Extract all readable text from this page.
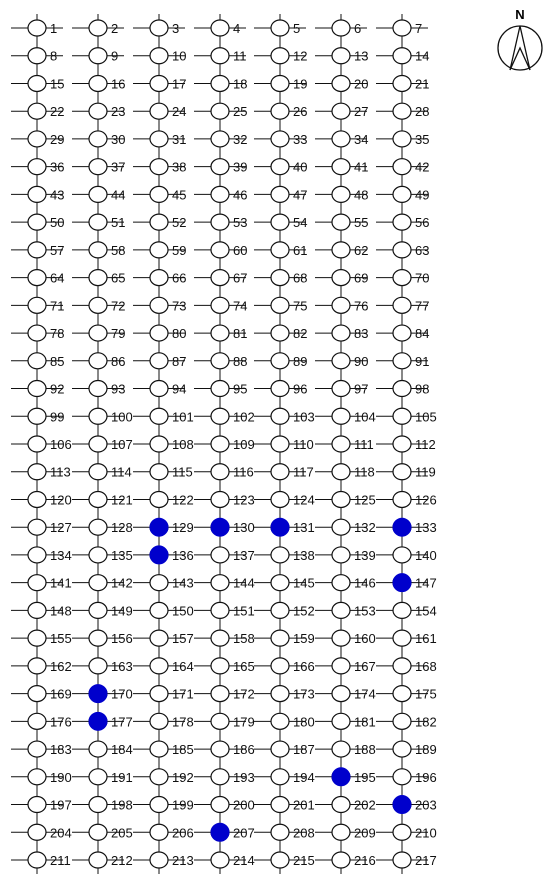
1	2	3	4	5	6	7
8	9	10	11	12	13	14
15	16	17	18	19	20	21
22	23	24	25	26	27	28
29	30	31	32	33	34	35
36	37	38	39	40	41	42
43	44	45	46	47	48	49
50	51	52	53	54	55	56
57	58	59	60	61	62	63
64	65	66	67	68	69	70
71	72	73	74	75	76	77
78	79	80	81	82	83	84
85	86	87	88	89	90	91
92	93	94	95	96	97	98
99	100	101	102	103	104	105
106	107	108	109	110	111	112
113	114	115	116	117	118	119
120	121	122	123	124	125	126
127	128	129	130	131	132	133
134	135	136	137	138	139	140
141	142	143	144	145	146	147
148	149	150	151	152	153	154
155	156	157	158	159	160	161
162	163	164	165	166	167	168
169	170	171	172	173	174	175
176	177	178	179	180	181	182
183	184	185	186	187	188	189
190	191	192	193	194	195	196
197	198	199	200	201	202	203
204	205	206	207	208	209	210
211	212	213	214	215	216	217
N
